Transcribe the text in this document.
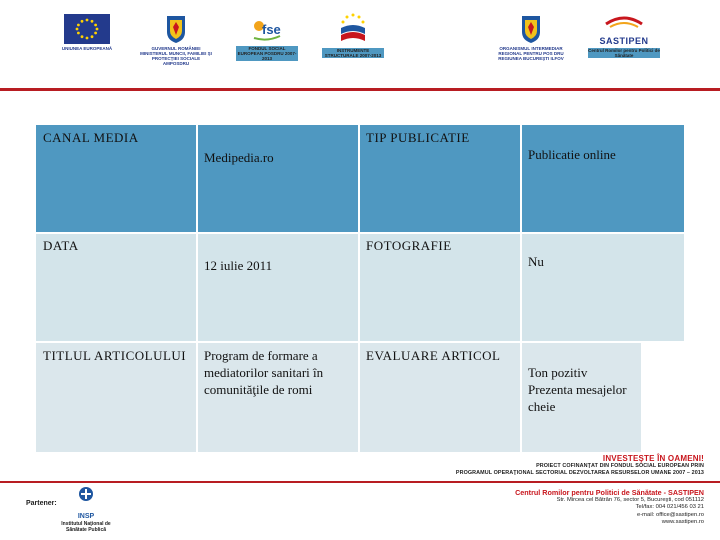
UNIUNEA EUROPEANĂ	GUVERNUL ROMÂNIEI MINISTERUL MUNCII, FAMILIEI ŞI PROTECŢIEI SOCIALE AMPOSDRU
fse
FONDUL SOCIAL EUROPEAN POSDRU 2007-2013
INSTRUMENTE STRUCTURALE 2007-2013
ORGANISMUL INTERMEDIAR REGIONAL PENTRU POS DRU REGIUNEA BUCUREŞTI ILFOV
SASTIPEN
Centrul Romilor pentru Politici de Sănătate
CANAL MEDIA
Medipedia.ro
TIP PUBLICATIE
Publicatie online
DATA
12 iulie 2011
FOTOGRAFIE
Nu
TITLUL ARTICOLULUI	Program de formare a mediatorilor sanitari în comunităţile de romi
EVALUARE ARTICOL
Ton pozitiv Prezenta mesajelor cheie
INVESTEŞTE ÎN OAMENI!
PROIECT COFINANŢAT DIN FONDUL SOCIAL EUROPEAN PRIN
PROGRAMUL OPERAŢIONAL SECTORIAL DEZVOLTAREA RESURSELOR UMANE 2007 – 2013
Partener:
INSP
Institutul Naţional de Sănătate Publică
Centrul Romilor pentru Politici de Sănătate - SASTIPEN
Str. Mircea cel Bătrân 76, sector 5, Bucureşti, cod 051112
Tel/fax: 004 021/456 03 21
e-mail: office@sastipen.ro
www.sastipen.ro
